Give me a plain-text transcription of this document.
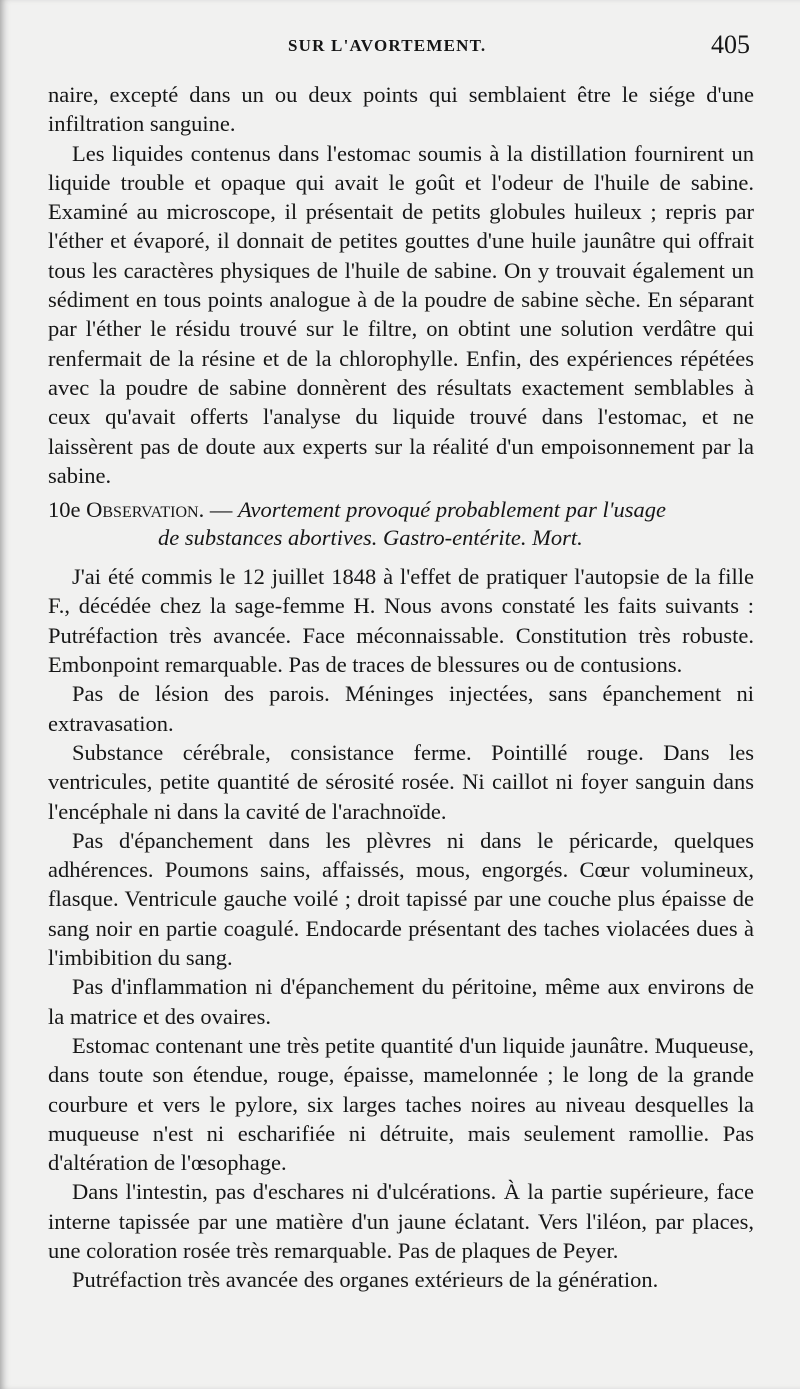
SUR L'AVORTEMENT.	405

naire, excepté dans un ou deux points qui semblaient être le siége d'une infiltration sanguine.

Les liquides contenus dans l'estomac soumis à la distillation fournirent un liquide trouble et opaque qui avait le goût et l'odeur de l'huile de sabine. Examiné au microscope, il présentait de petits globules huileux ; repris par l'éther et évaporé, il donnait de petites gouttes d'une huile jaunâtre qui offrait tous les caractères physiques de l'huile de sabine. On y trouvait également un sédiment en tous points analogue à de la poudre de sabine sèche. En séparant par l'éther le résidu trouvé sur le filtre, on obtint une solution verdâtre qui renfermait de la résine et de la chlorophylle. Enfin, des expériences répétées avec la poudre de sabine donnèrent des résultats exactement semblables à ceux qu'avait offerts l'analyse du liquide trouvé dans l'estomac, et ne laissèrent pas de doute aux experts sur la réalité d'un empoisonnement par la sabine.

10e Observation. — Avortement provoqué probablement par l'usage
de substances abortives. Gastro-entérite. Mort.

J'ai été commis le 12 juillet 1848 à l'effet de pratiquer l'autopsie de la fille F., décédée chez la sage-femme H. Nous avons constaté les faits suivants : Putréfaction très avancée. Face méconnaissable. Constitution très robuste. Embonpoint remarquable. Pas de traces de blessures ou de contusions.

Pas de lésion des parois. Méninges injectées, sans épanchement ni extravasation.

Substance cérébrale, consistance ferme. Pointillé rouge. Dans les ventricules, petite quantité de sérosité rosée. Ni caillot ni foyer sanguin dans l'encéphale ni dans la cavité de l'arachnoïde.

Pas d'épanchement dans les plèvres ni dans le péricarde, quelques adhérences. Poumons sains, affaissés, mous, engorgés. Cœur volumineux, flasque. Ventricule gauche voilé ; droit tapissé par une couche plus épaisse de sang noir en partie coagulé. Endocarde présentant des taches violacées dues à l'imbibition du sang.

Pas d'inflammation ni d'épanchement du péritoine, même aux environs de la matrice et des ovaires.

Estomac contenant une très petite quantité d'un liquide jaunâtre. Muqueuse, dans toute son étendue, rouge, épaisse, mamelonnée ; le long de la grande courbure et vers le pylore, six larges taches noires au niveau desquelles la muqueuse n'est ni escharifiée ni détruite, mais seulement ramollie. Pas d'altération de l'œsophage.

Dans l'intestin, pas d'eschares ni d'ulcérations. À la partie supérieure, face interne tapissée par une matière d'un jaune éclatant. Vers l'iléon, par places, une coloration rosée très remarquable. Pas de plaques de Peyer.

Putréfaction très avancée des organes extérieurs de la génération.
